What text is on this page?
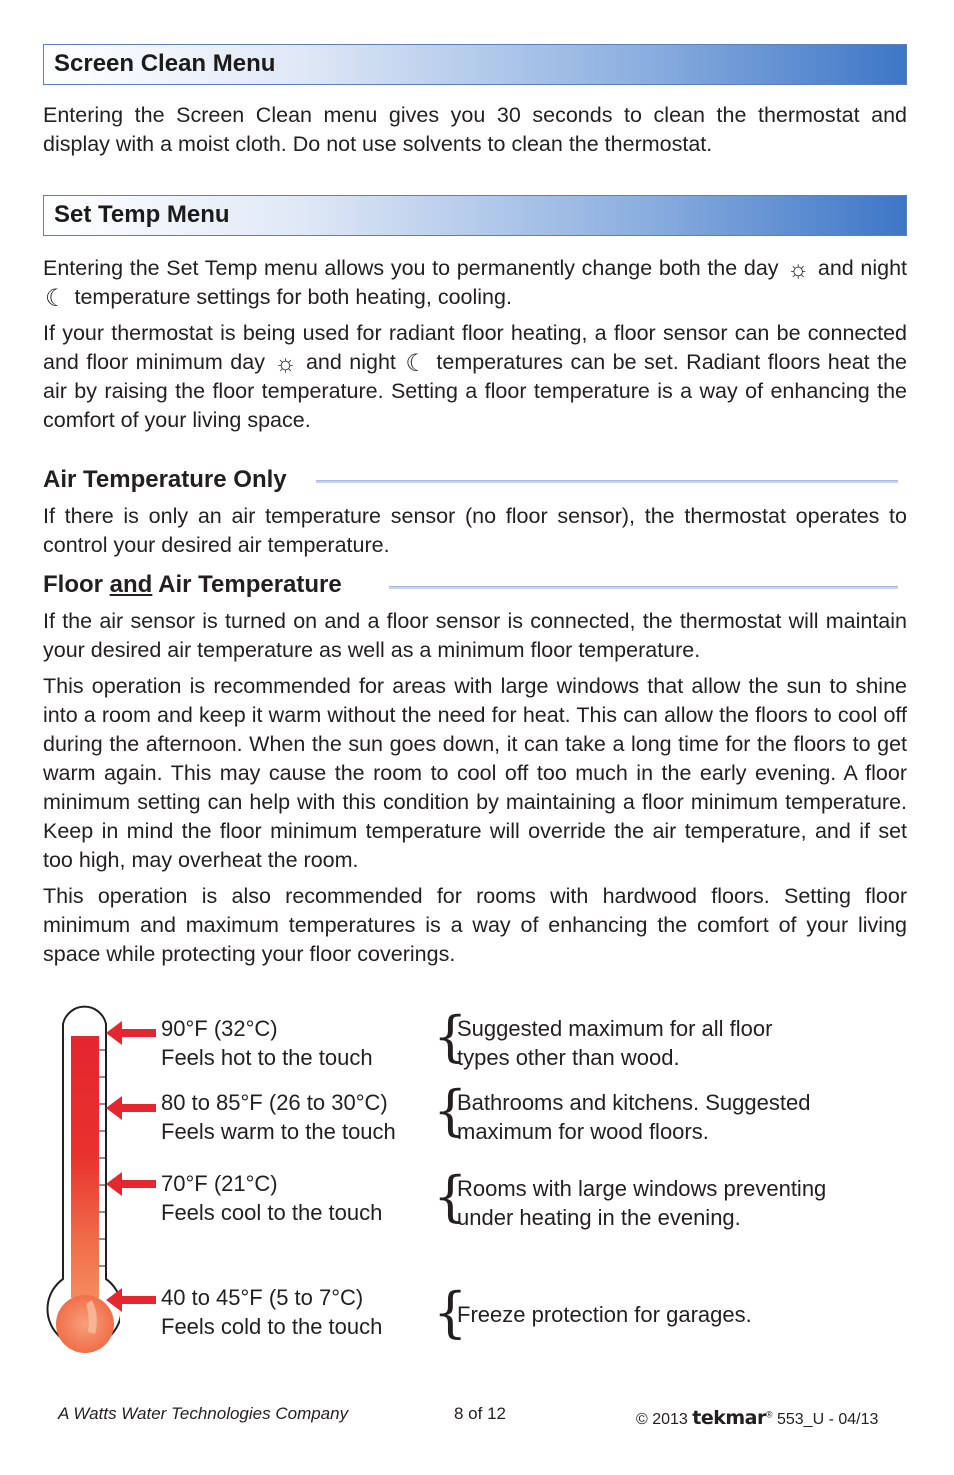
Screen Clean Menu

Entering the Screen Clean menu gives you 30 seconds to clean the thermostat and display with a moist cloth. Do not use solvents to clean the thermostat.

Set Temp Menu

Entering the Set Temp menu allows you to permanently change both the day ☼ and night ☾ temperature settings for both heating, cooling.

If your thermostat is being used for radiant floor heating, a floor sensor can be connected and floor minimum day ☼ and night ☾ temperatures can be set. Radiant floors heat the air by raising the floor temperature. Setting a floor temperature is a way of enhancing the comfort of your living space.

Air Temperature Only

If there is only an air temperature sensor (no floor sensor), the thermostat operates to control your desired air temperature.

Floor and Air Temperature

If the air sensor is turned on and a floor sensor is connected, the thermostat will maintain your desired air temperature as well as a minimum floor temperature.

This operation is recommended for areas with large windows that allow the sun to shine into a room and keep it warm without the need for heat. This can allow the floors to cool off during the afternoon. When the sun goes down, it can take a long time for the floors to get warm again. This may cause the room to cool off too much in the early evening. A floor minimum setting can help with this condition by maintaining a floor minimum temperature. Keep in mind the floor minimum temperature will override the air temperature, and if set too high, may overheat the room.

This operation is also recommended for rooms with hardwood floors. Setting floor minimum and maximum temperatures is a way of enhancing the comfort of your living space while protecting your floor coverings.

90°F (32°C)
Feels hot to the touch
80 to 85°F (26 to 30°C)
Feels warm to the touch
70°F (21°C)
Feels cool to the touch
40 to 45°F (5 to 7°C)
Feels cold to the touch
{
{
{
{
Suggested maximum for all floor
types other than wood.
Bathrooms and kitchens. Suggested
maximum for wood floors.
Rooms with large windows preventing
under heating in the evening.
Freeze protection for garages.
A Watts Water Technologies Company	8 of 12	© 2013 tekmar® 553_U - 04/13
